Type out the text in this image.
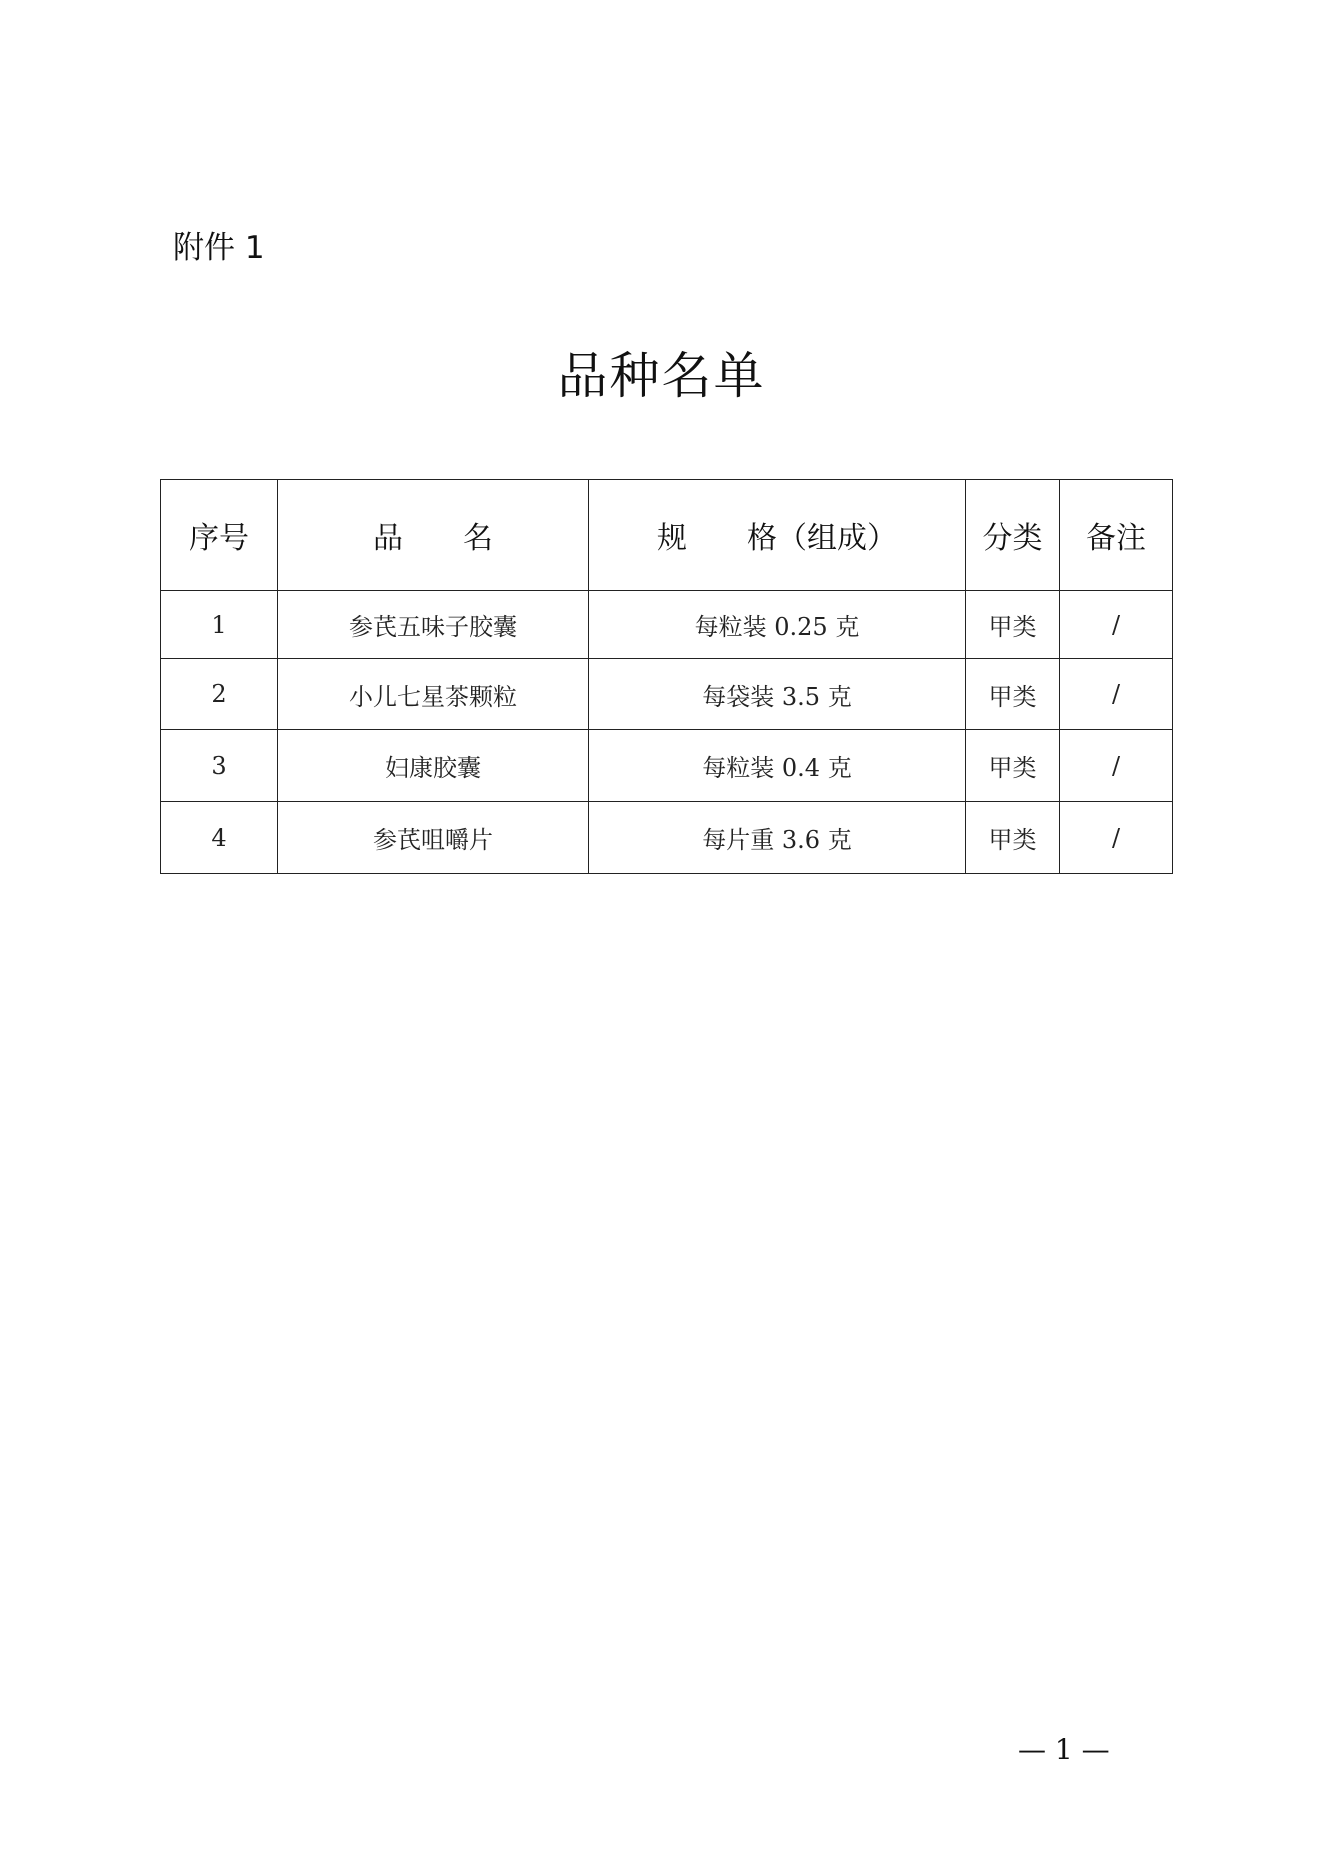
附件 1
品种名单
序号	品　　名	规　　格（组成）	分类	备注
1	参芪五味子胶囊	每粒装 0.25 克	甲类	/
2	小儿七星茶颗粒	每袋装 3.5 克	甲类	/
3	妇康胶囊	每粒装 0.4 克	甲类	/
4	参芪咀嚼片	每片重 3.6 克	甲类	/
— 1 —
